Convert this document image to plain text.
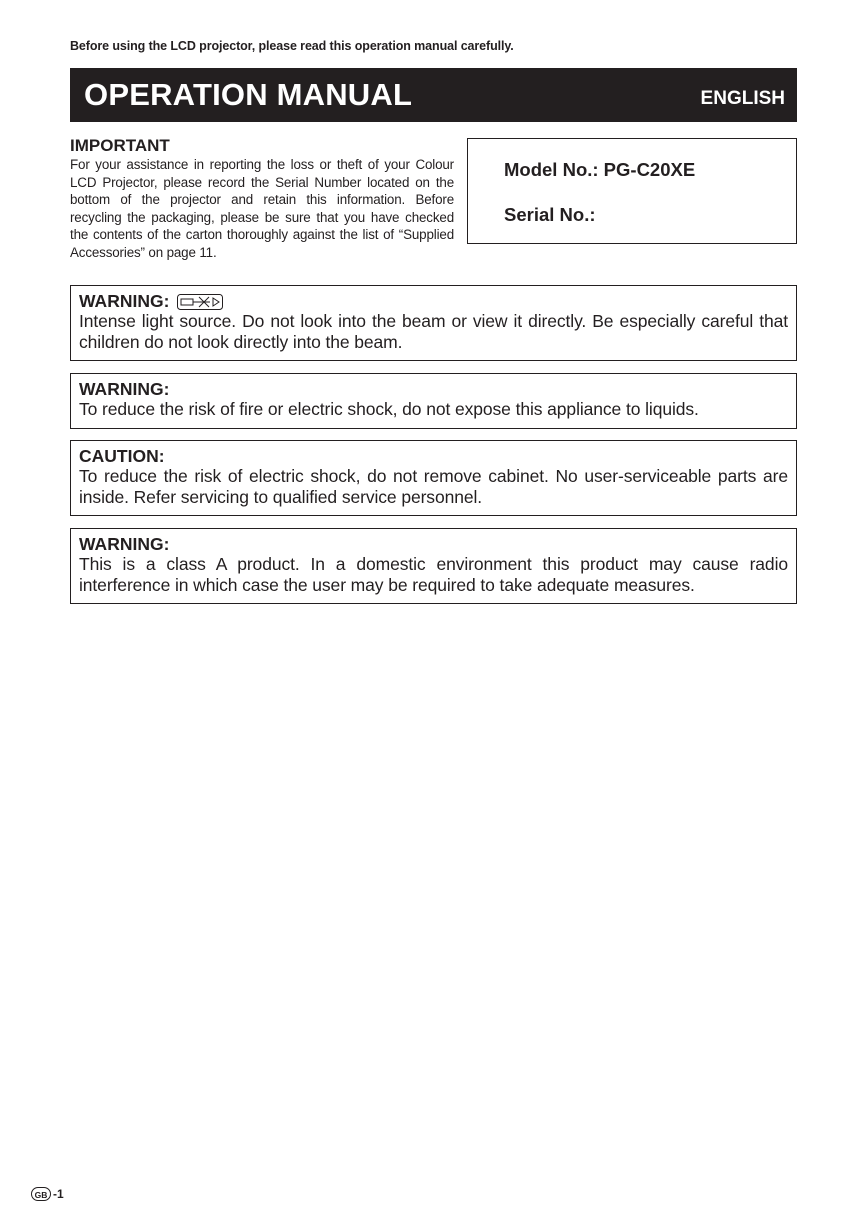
Before using the LCD projector, please read this operation manual carefully.
OPERATION MANUAL	ENGLISH
IMPORTANT
For your assistance in reporting the loss or theft of your Colour LCD Projector, please record the Serial Number located on the bottom of the projector and retain this information. Before recycling the packaging, please be sure that you have checked the contents of the carton thoroughly against the list of “Supplied Accessories” on page 11.
Model No.: PG-C20XE
Serial No.:
WARNING:
Intense light source. Do not look into the beam or view it directly. Be especially careful that children do not look directly into the beam.
WARNING:
To reduce the risk of fire or electric shock, do not expose this appliance to liquids.
CAUTION:
To reduce the risk of electric shock, do not remove cabinet. No user-serviceable parts are inside. Refer servicing to qualified service personnel.
WARNING:
This is a class A product. In a domestic environment this product may cause radio interference in which case the user may be required to take adequate measures.
GB -1
